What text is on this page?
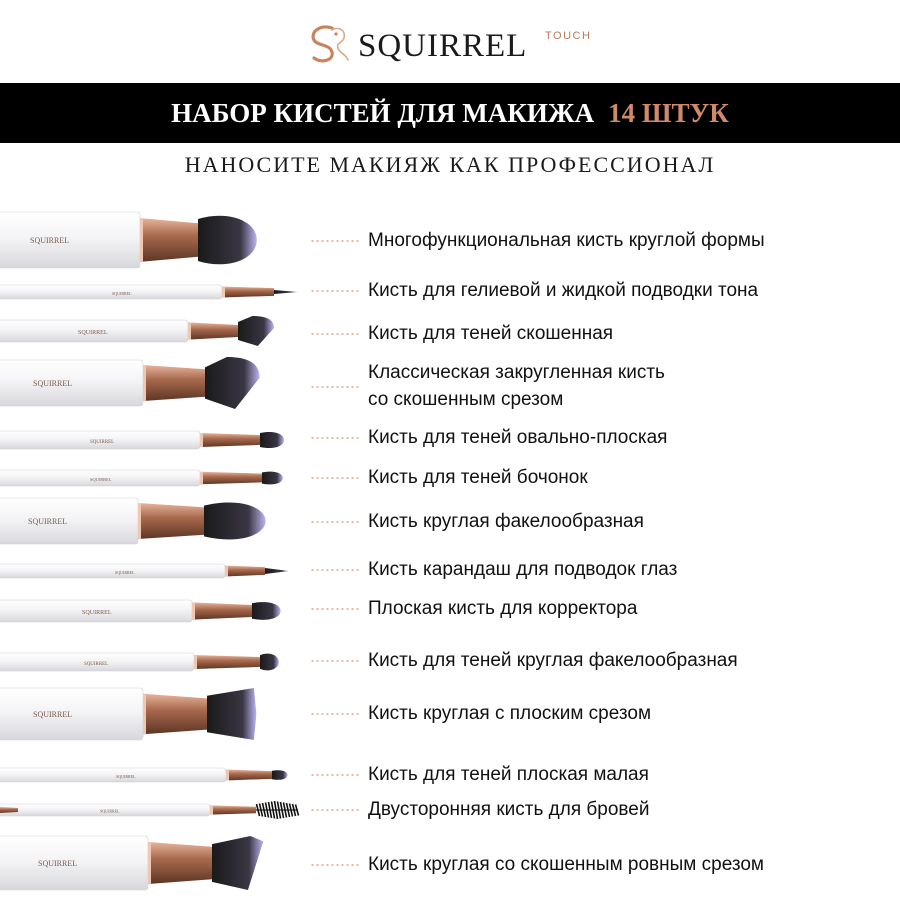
SQUIRREL TOUCH
НАБОР КИСТЕЙ ДЛЯ МАКИЖА 14 ШТУК
НАНОСИТЕ МАКИЯЖ КАК ПРОФЕССИОНАЛ
SQUIRREL
SQUIRREL
SQUIRREL
SQUIRREL
SQUIRREL
SQUIRREL
SQUIRREL
SQUIRREL
SQUIRREL
SQUIRREL
SQUIRREL
SQUIRREL
SQUIRREL
SQUIRREL
Многофункциональная кисть круглой формы
Кисть для гелиевой и жидкой подводки тона
Кисть для теней скошенная
Классическая закругленная кисть
со скошенным срезом
Кисть для теней овально-плоская
Кисть для теней бочонок
Кисть круглая факелообразная
Кисть карандаш для подводок глаз
Плоская кисть для корректора
Кисть для теней круглая факелообразная
Кисть круглая с плоским срезом
Кисть для теней плоская малая
Двусторонняя кисть для бровей
Кисть круглая со скошенным ровным срезом
